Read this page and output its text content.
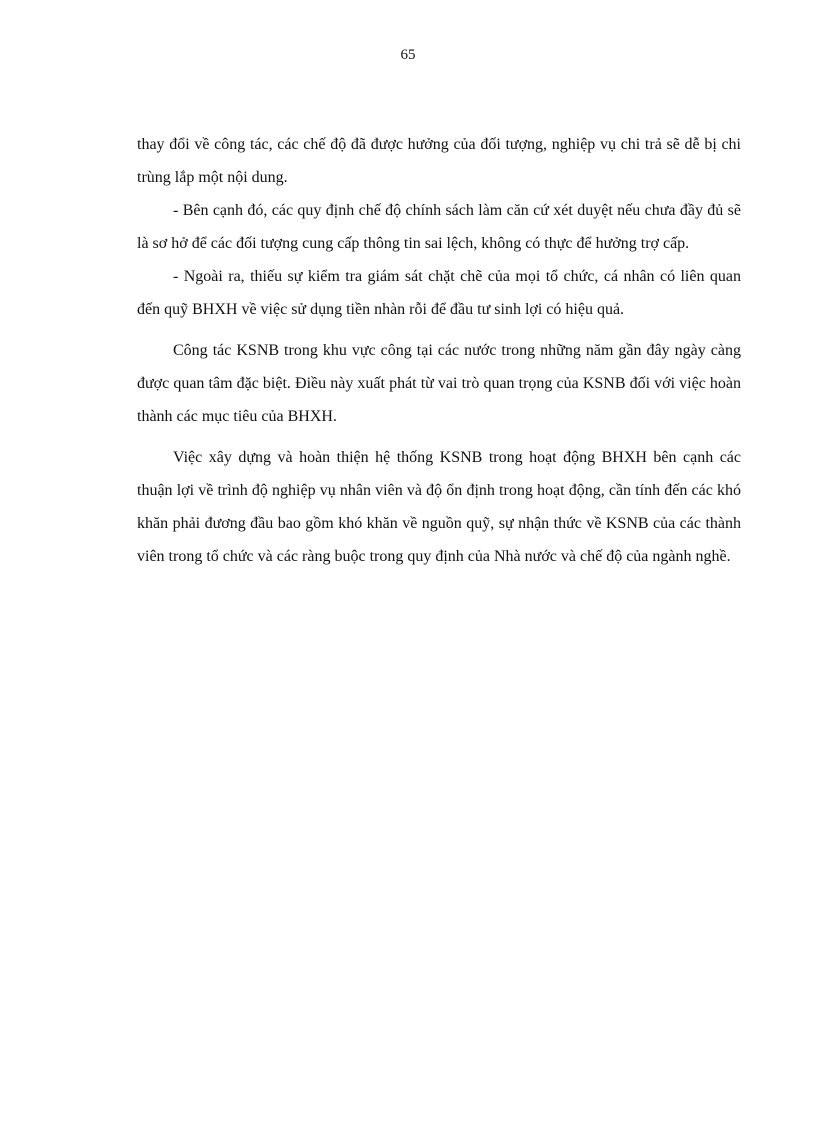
65

thay đổi về công tác, các chế độ đã được hưởng của đối tượng, nghiệp vụ chi trả sẽ dễ bị chi trùng lắp một nội dung.

- Bên cạnh đó, các quy định chế độ chính sách làm căn cứ xét duyệt nếu chưa đầy đủ sẽ là sơ hở để các đối tượng cung cấp thông tin sai lệch, không có thực để hưởng trợ cấp.

- Ngoài ra, thiếu sự kiểm tra giám sát chặt chẽ của mọi tổ chức, cá nhân có liên quan đến quỹ BHXH về việc sử dụng tiền nhàn rỗi để đầu tư sinh lợi có hiệu quả.

Công tác KSNB trong khu vực công tại các nước trong những năm gần đây ngày càng được quan tâm đặc biệt. Điều này xuất phát từ vai trò quan trọng của KSNB đối với việc hoàn thành các mục tiêu của BHXH.

Việc xây dựng và hoàn thiện hệ thống KSNB trong hoạt động BHXH bên cạnh các thuận lợi về trình độ nghiệp vụ nhân viên và độ ổn định trong hoạt động, cần tính đến các khó khăn phải đương đầu bao gồm khó khăn về nguồn quỹ, sự nhận thức về KSNB của các thành viên trong tổ chức và các ràng buộc trong quy định của Nhà nước và chế độ của ngành nghề.
